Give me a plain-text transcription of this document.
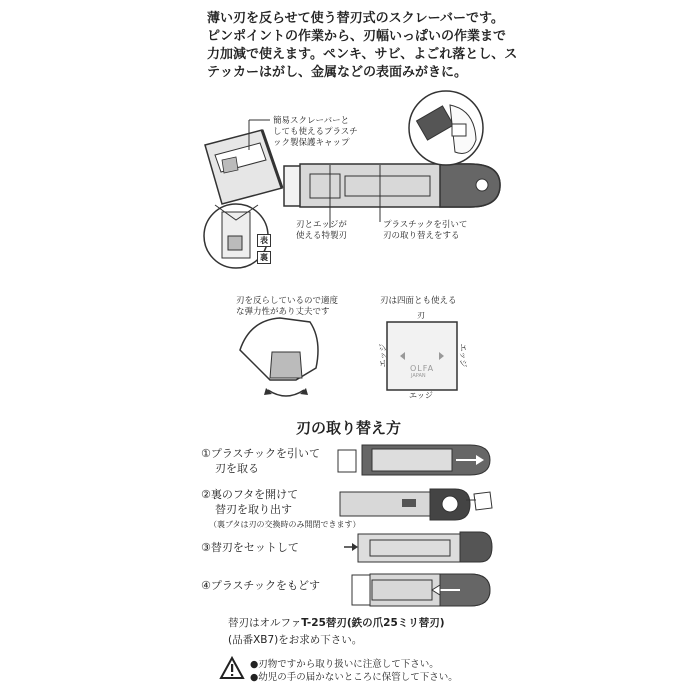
薄い刃を反らせて使う替刃式のスクレーバーです。
ピンポイントの作業から、刃幅いっぱいの作業まで
力加減で使えます。ペンキ、サビ、よごれ落とし、ス
テッカーはがし、金属などの表面みがきに。
簡易スクレーバーと
しても使えるプラスチ
ック製保護キャップ
刃とエッジが
使える特製刃
プラスチックを引いて
刃の取り替えをする
表
裏
刃を反らしているので適度
な弾力性があり丈夫です
刃は四面とも使える
刃
エッジ
エッジ	エッジ
OLFA
JAPAN
刃の取り替え方
①プラスチックを引いて
刃を取る
②裏のフタを開けて
替刃を取り出す
（裏ブタは刃の交換時のみ開閉できます）
③替刃をセットして
④プラスチックをもどす
替刃はオルファT-25替刃(鉄の爪25ミリ替刃)
(品番XB7)をお求め下さい。
●刃物ですから取り扱いに注意して下さい。
●幼児の手の届かないところに保管して下さい。
